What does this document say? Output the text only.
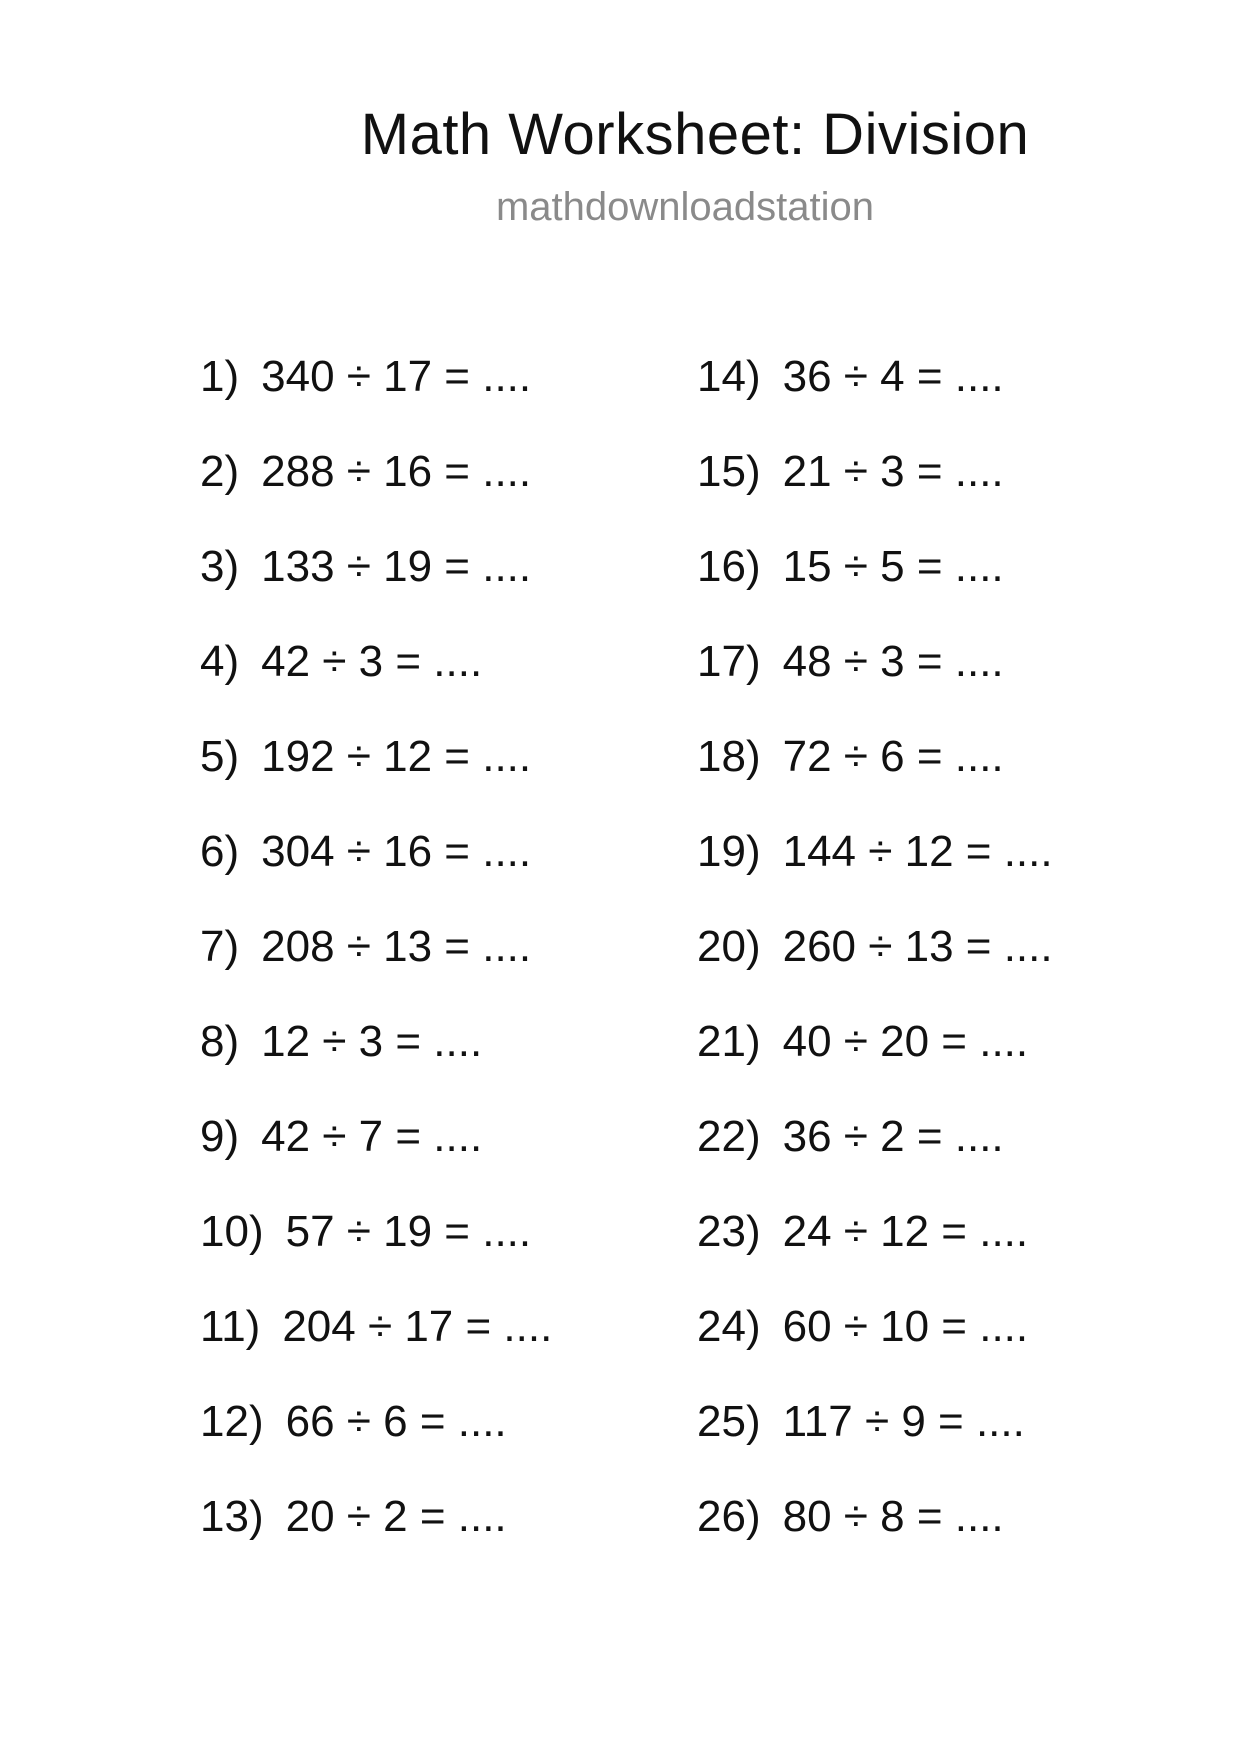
Math Worksheet: Division
mathdownloadstation
1) 340 ÷ 17 = ....
2) 288 ÷ 16 = ....
3) 133 ÷ 19 = ....
4) 42 ÷ 3 = ....
5) 192 ÷ 12 = ....
6) 304 ÷ 16 = ....
7) 208 ÷ 13 = ....
8) 12 ÷ 3 = ....
9) 42 ÷ 7 = ....
10) 57 ÷ 19 = ....
11) 204 ÷ 17 = ....
12) 66 ÷ 6 = ....
13) 20 ÷ 2 = ....
14) 36 ÷ 4 = ....
15) 21 ÷ 3 = ....
16) 15 ÷ 5 = ....
17) 48 ÷ 3 = ....
18) 72 ÷ 6 = ....
19) 144 ÷ 12 = ....
20) 260 ÷ 13 = ....
21) 40 ÷ 20 = ....
22) 36 ÷ 2 = ....
23) 24 ÷ 12 = ....
24) 60 ÷ 10 = ....
25) 117 ÷ 9 = ....
26) 80 ÷ 8 = ....
